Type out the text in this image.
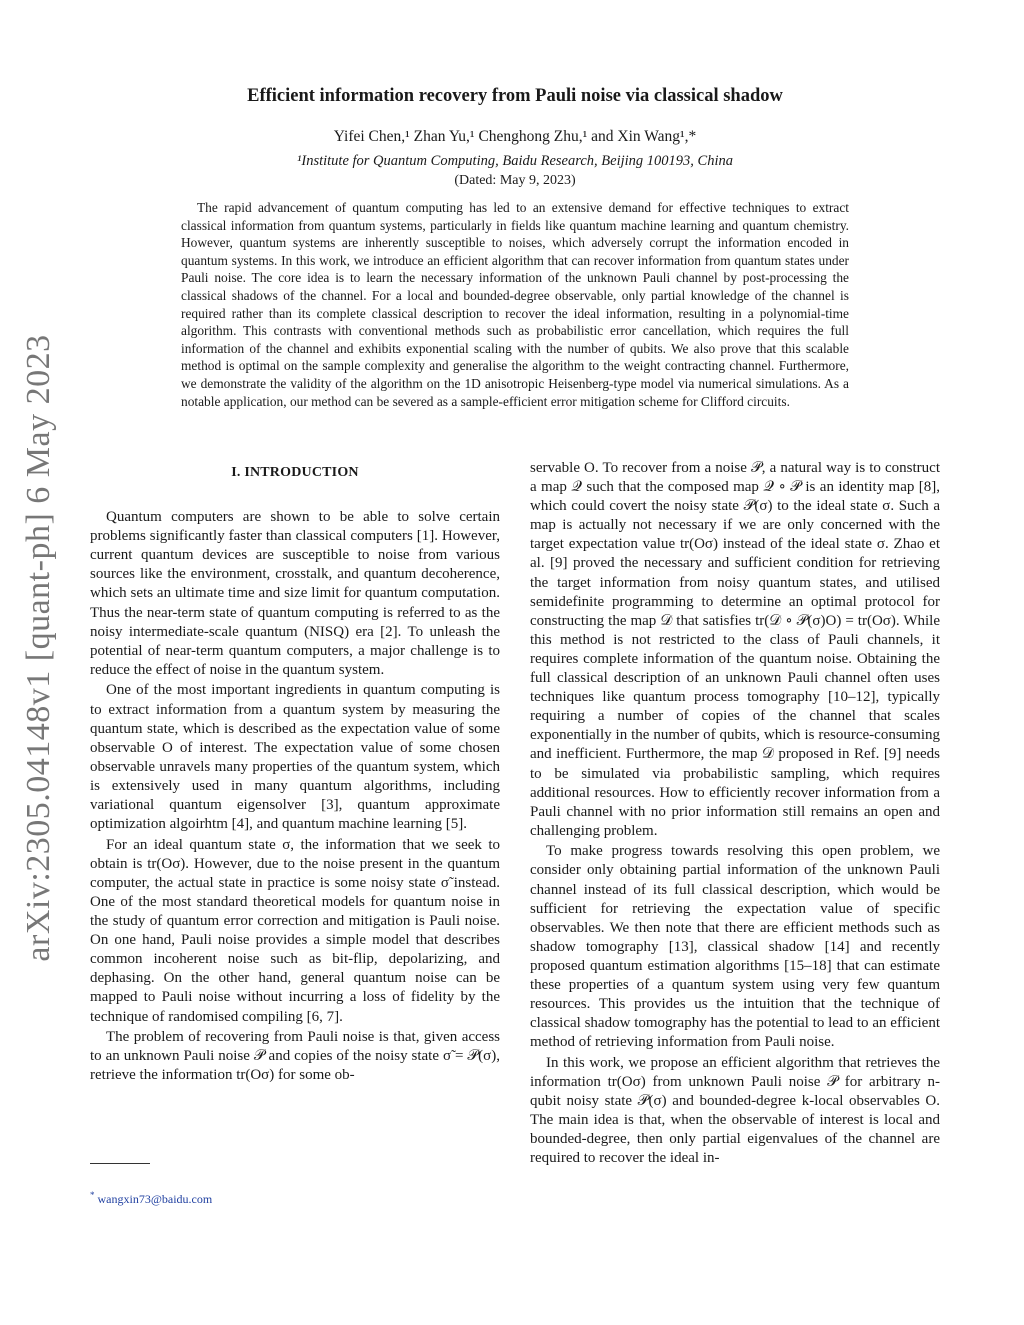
arXiv:2305.04148v1 [quant-ph] 6 May 2023
Efficient information recovery from Pauli noise via classical shadow
Yifei Chen,¹ Zhan Yu,¹ Chenghong Zhu,¹ and Xin Wang¹,*
¹Institute for Quantum Computing, Baidu Research, Beijing 100193, China
(Dated: May 9, 2023)

The rapid advancement of quantum computing has led to an extensive demand for effective techniques to extract classical information from quantum systems, particularly in fields like quantum machine learning and quantum chemistry. However, quantum systems are inherently susceptible to noises, which adversely corrupt the information encoded in quantum systems. In this work, we introduce an efficient algorithm that can recover information from quantum states under Pauli noise. The core idea is to learn the necessary information of the unknown Pauli channel by post-processing the classical shadows of the channel. For a local and bounded-degree observable, only partial knowledge of the channel is required rather than its complete classical description to recover the ideal information, resulting in a polynomial-time algorithm. This contrasts with conventional methods such as probabilistic error cancellation, which requires the full information of the channel and exhibits exponential scaling with the number of qubits. We also prove that this scalable method is optimal on the sample complexity and generalise the algorithm to the weight contracting channel. Furthermore, we demonstrate the validity of the algorithm on the 1D anisotropic Heisenberg-type model via numerical simulations. As a notable application, our method can be severed as a sample-efficient error mitigation scheme for Clifford circuits.

I. INTRODUCTION

Quantum computers are shown to be able to solve certain problems significantly faster than classical computers [1]. However, current quantum devices are susceptible to noise from various sources like the environment, crosstalk, and quantum decoherence, which sets an ultimate time and size limit for quantum computation. Thus the near-term state of quantum computing is referred to as the noisy intermediate-scale quantum (NISQ) era [2]. To unleash the potential of near-term quantum computers, a major challenge is to reduce the effect of noise in the quantum system.

One of the most important ingredients in quantum computing is to extract information from a quantum system by measuring the quantum state, which is described as the expectation value of some observable O of interest. The expectation value of some chosen observable unravels many properties of the quantum system, which is extensively used in many quantum algorithms, including variational quantum eigensolver [3], quantum approximate optimization algoirhtm [4], and quantum machine learning [5].

For an ideal quantum state σ, the information that we seek to obtain is tr(Oσ). However, due to the noise present in the quantum computer, the actual state in practice is some noisy state σ̃ instead. One of the most standard theoretical models for quantum noise in the study of quantum error correction and mitigation is Pauli noise. On one hand, Pauli noise provides a simple model that describes common incoherent noise such as bit-flip, depolarizing, and dephasing. On the other hand, general quantum noise can be mapped to Pauli noise without incurring a loss of fidelity by the technique of randomised compiling [6, 7].

The problem of recovering from Pauli noise is that, given access to an unknown Pauli noise 𝒫 and copies of the noisy state σ̃ = 𝒫(σ), retrieve the information tr(Oσ) for some ob-

servable O. To recover from a noise 𝒫, a natural way is to construct a map 𝒬 such that the composed map 𝒬 ∘ 𝒫 is an identity map [8], which could covert the noisy state 𝒫(σ) to the ideal state σ. Such a map is actually not necessary if we are only concerned with the target expectation value tr(Oσ) instead of the ideal state σ. Zhao et al. [9] proved the necessary and sufficient condition for retrieving the target information from noisy quantum states, and utilised semidefinite programming to determine an optimal protocol for constructing the map 𝒟 that satisfies tr(𝒟 ∘ 𝒫(σ)O) = tr(Oσ). While this method is not restricted to the class of Pauli channels, it requires complete information of the quantum noise. Obtaining the full classical description of an unknown Pauli channel often uses techniques like quantum process tomography [10–12], typically requiring a number of copies of the channel that scales exponentially in the number of qubits, which is resource-consuming and inefficient. Furthermore, the map 𝒟 proposed in Ref. [9] needs to be simulated via probabilistic sampling, which requires additional resources. How to efficiently recover information from a Pauli channel with no prior information still remains an open and challenging problem.

To make progress towards resolving this open problem, we consider only obtaining partial information of the unknown Pauli channel instead of its full classical description, which would be sufficient for retrieving the expectation value of specific observables. We then note that there are efficient methods such as shadow tomography [13], classical shadow [14] and recently proposed quantum estimation algorithms [15–18] that can estimate these properties of a quantum system using very few quantum resources. This provides us the intuition that the technique of classical shadow tomography has the potential to lead to an efficient method of retrieving information from Pauli noise.

In this work, we propose an efficient algorithm that retrieves the information tr(Oσ) from unknown Pauli noise 𝒫 for arbitrary n-qubit noisy state 𝒫(σ) and bounded-degree k-local observables O. The main idea is that, when the observable of interest is local and bounded-degree, then only partial eigenvalues of the channel are required to recover the ideal in-

* wangxin73@baidu.com
